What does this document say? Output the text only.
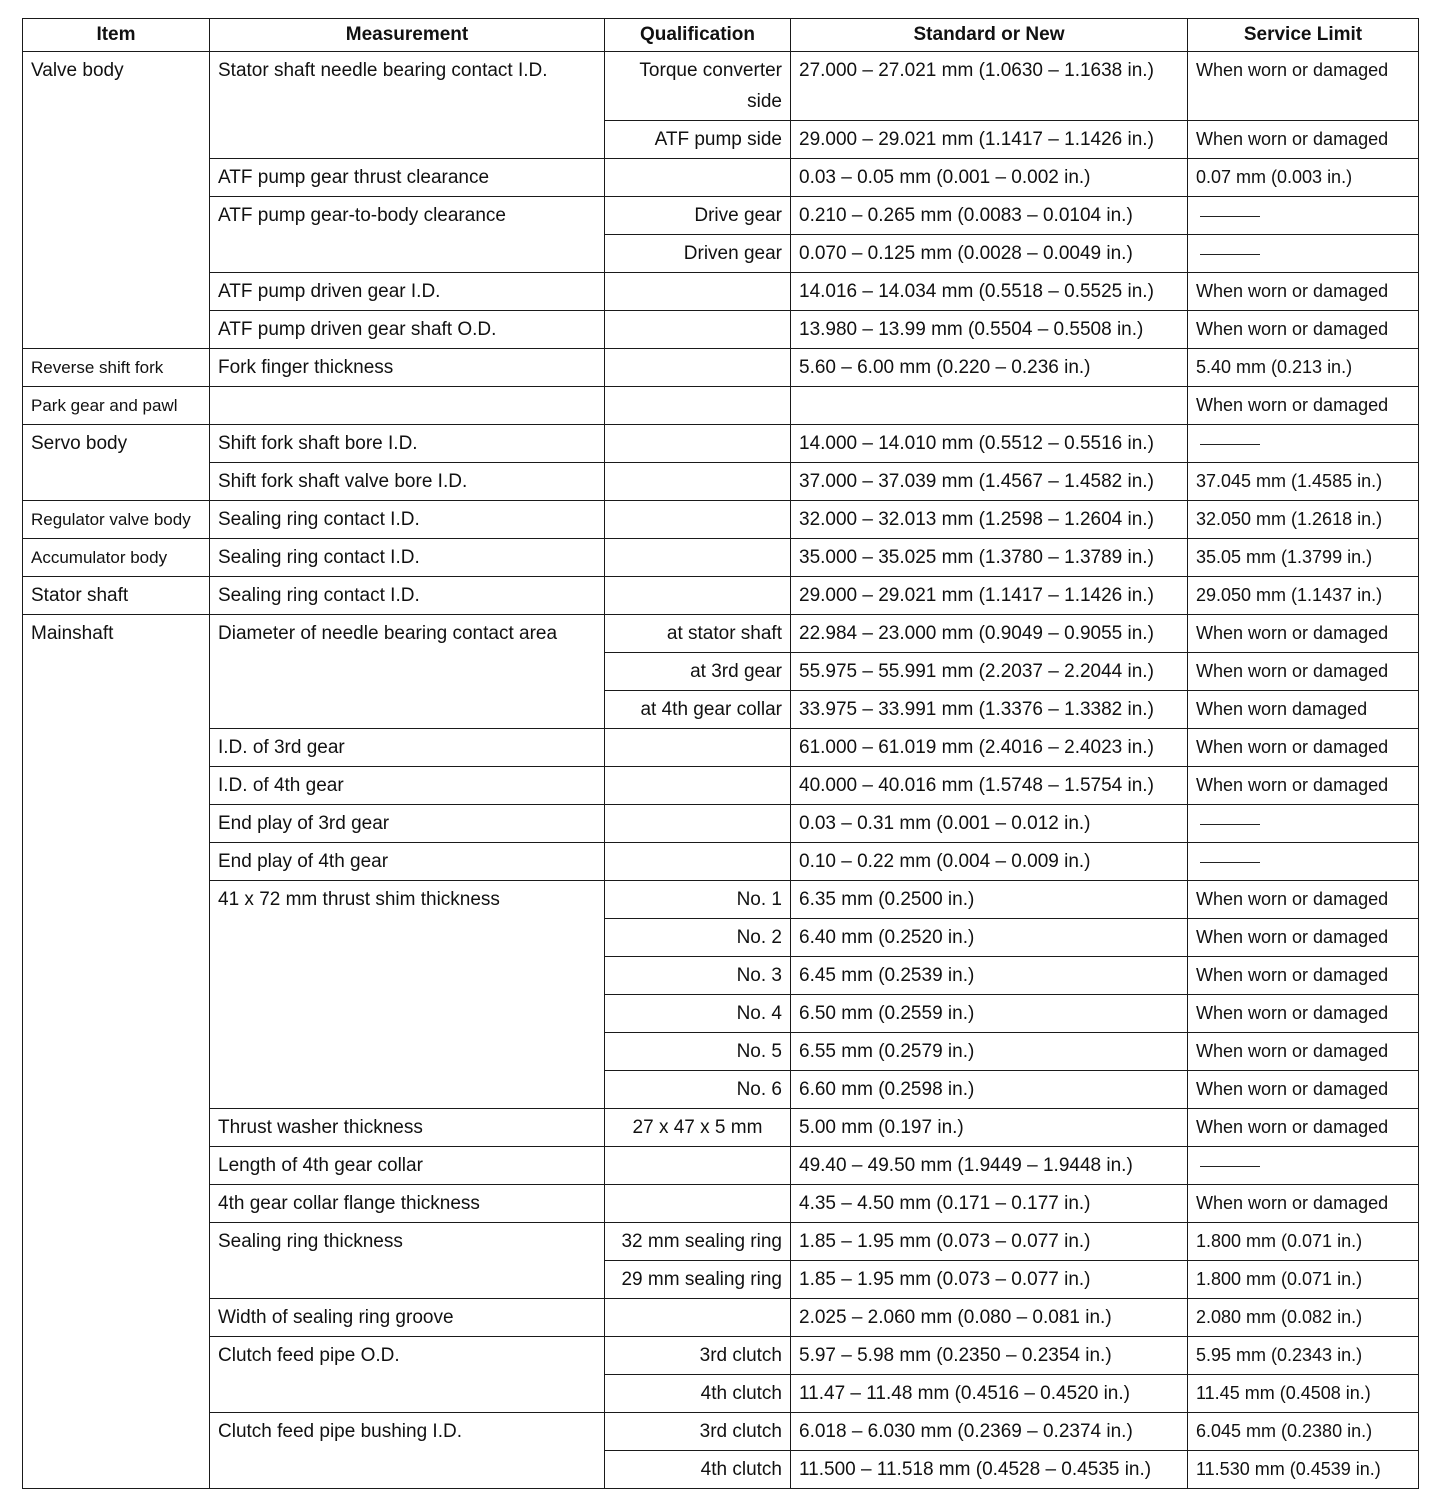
Item	Measurement	Qualification	Standard or New	Service Limit
Valve body	Stator shaft needle bearing contact I.D.	Torque converter side	27.000 – 27.021 mm (1.0630 – 1.1638 in.)	When worn or damaged
		ATF pump side	29.000 – 29.021 mm (1.1417 – 1.1426 in.)	When worn or damaged
	ATF pump gear thrust clearance		0.03 – 0.05 mm (0.001 – 0.002 in.)	0.07 mm (0.003 in.)
	ATF pump gear-to-body clearance	Drive gear	0.210 – 0.265 mm (0.0083 – 0.0104 in.)	
		Driven gear	0.070 – 0.125 mm (0.0028 – 0.0049 in.)	
	ATF pump driven gear I.D.		14.016 – 14.034 mm (0.5518 – 0.5525 in.)	When worn or damaged
	ATF pump driven gear shaft O.D.		13.980 – 13.99 mm (0.5504 – 0.5508 in.)	When worn or damaged
Reverse shift fork	Fork finger thickness		5.60 – 6.00 mm (0.220 – 0.236 in.)	5.40 mm (0.213 in.)
Park gear and pawl				When worn or damaged
Servo body	Shift fork shaft bore I.D.		14.000 – 14.010 mm (0.5512 – 0.5516 in.)	
	Shift fork shaft valve bore I.D.		37.000 – 37.039 mm (1.4567 – 1.4582 in.)	37.045 mm (1.4585 in.)
Regulator valve body	Sealing ring contact I.D.		32.000 – 32.013 mm (1.2598 – 1.2604 in.)	32.050 mm (1.2618 in.)
Accumulator body	Sealing ring contact I.D.		35.000 – 35.025 mm (1.3780 – 1.3789 in.)	35.05 mm (1.3799 in.)
Stator shaft	Sealing ring contact I.D.		29.000 – 29.021 mm (1.1417 – 1.1426 in.)	29.050 mm (1.1437 in.)
Mainshaft	Diameter of needle bearing contact area	at stator shaft	22.984 – 23.000 mm (0.9049 – 0.9055 in.)	When worn or damaged
		at 3rd gear	55.975 – 55.991 mm (2.2037 – 2.2044 in.)	When worn or damaged
		at 4th gear collar	33.975 – 33.991 mm (1.3376 – 1.3382 in.)	When worn damaged
	I.D. of 3rd gear		61.000 – 61.019 mm (2.4016 – 2.4023 in.)	When worn or damaged
	I.D. of 4th gear		40.000 – 40.016 mm (1.5748 – 1.5754 in.)	When worn or damaged
	End play of 3rd gear		0.03 – 0.31 mm (0.001 – 0.012 in.)	
	End play of 4th gear		0.10 – 0.22 mm (0.004 – 0.009 in.)	
	41 x 72 mm thrust shim thickness	No. 1	6.35 mm (0.2500 in.)	When worn or damaged
		No. 2	6.40 mm (0.2520 in.)	When worn or damaged
		No. 3	6.45 mm (0.2539 in.)	When worn or damaged
		No. 4	6.50 mm (0.2559 in.)	When worn or damaged
		No. 5	6.55 mm (0.2579 in.)	When worn or damaged
		No. 6	6.60 mm (0.2598 in.)	When worn or damaged
	Thrust washer thickness	27 x 47 x 5 mm	5.00 mm (0.197 in.)	When worn or damaged
	Length of 4th gear collar		49.40 – 49.50 mm (1.9449 – 1.9448 in.)	
	4th gear collar flange thickness		4.35 – 4.50 mm (0.171 – 0.177 in.)	When worn or damaged
	Sealing ring thickness	32 mm sealing ring	1.85 – 1.95 mm (0.073 – 0.077 in.)	1.800 mm (0.071 in.)
		29 mm sealing ring	1.85 – 1.95 mm (0.073 – 0.077 in.)	1.800 mm (0.071 in.)
	Width of sealing ring groove		2.025 – 2.060 mm (0.080 – 0.081 in.)	2.080 mm (0.082 in.)
	Clutch feed pipe O.D.	3rd clutch	5.97 – 5.98 mm (0.2350 – 0.2354 in.)	5.95 mm (0.2343 in.)
		4th clutch	11.47 – 11.48 mm (0.4516 – 0.4520 in.)	11.45 mm (0.4508 in.)
	Clutch feed pipe bushing I.D.	3rd clutch	6.018 – 6.030 mm (0.2369 – 0.2374 in.)	6.045 mm (0.2380 in.)
		4th clutch	11.500 – 11.518 mm (0.4528 – 0.4535 in.)	11.530 mm (0.4539 in.)
